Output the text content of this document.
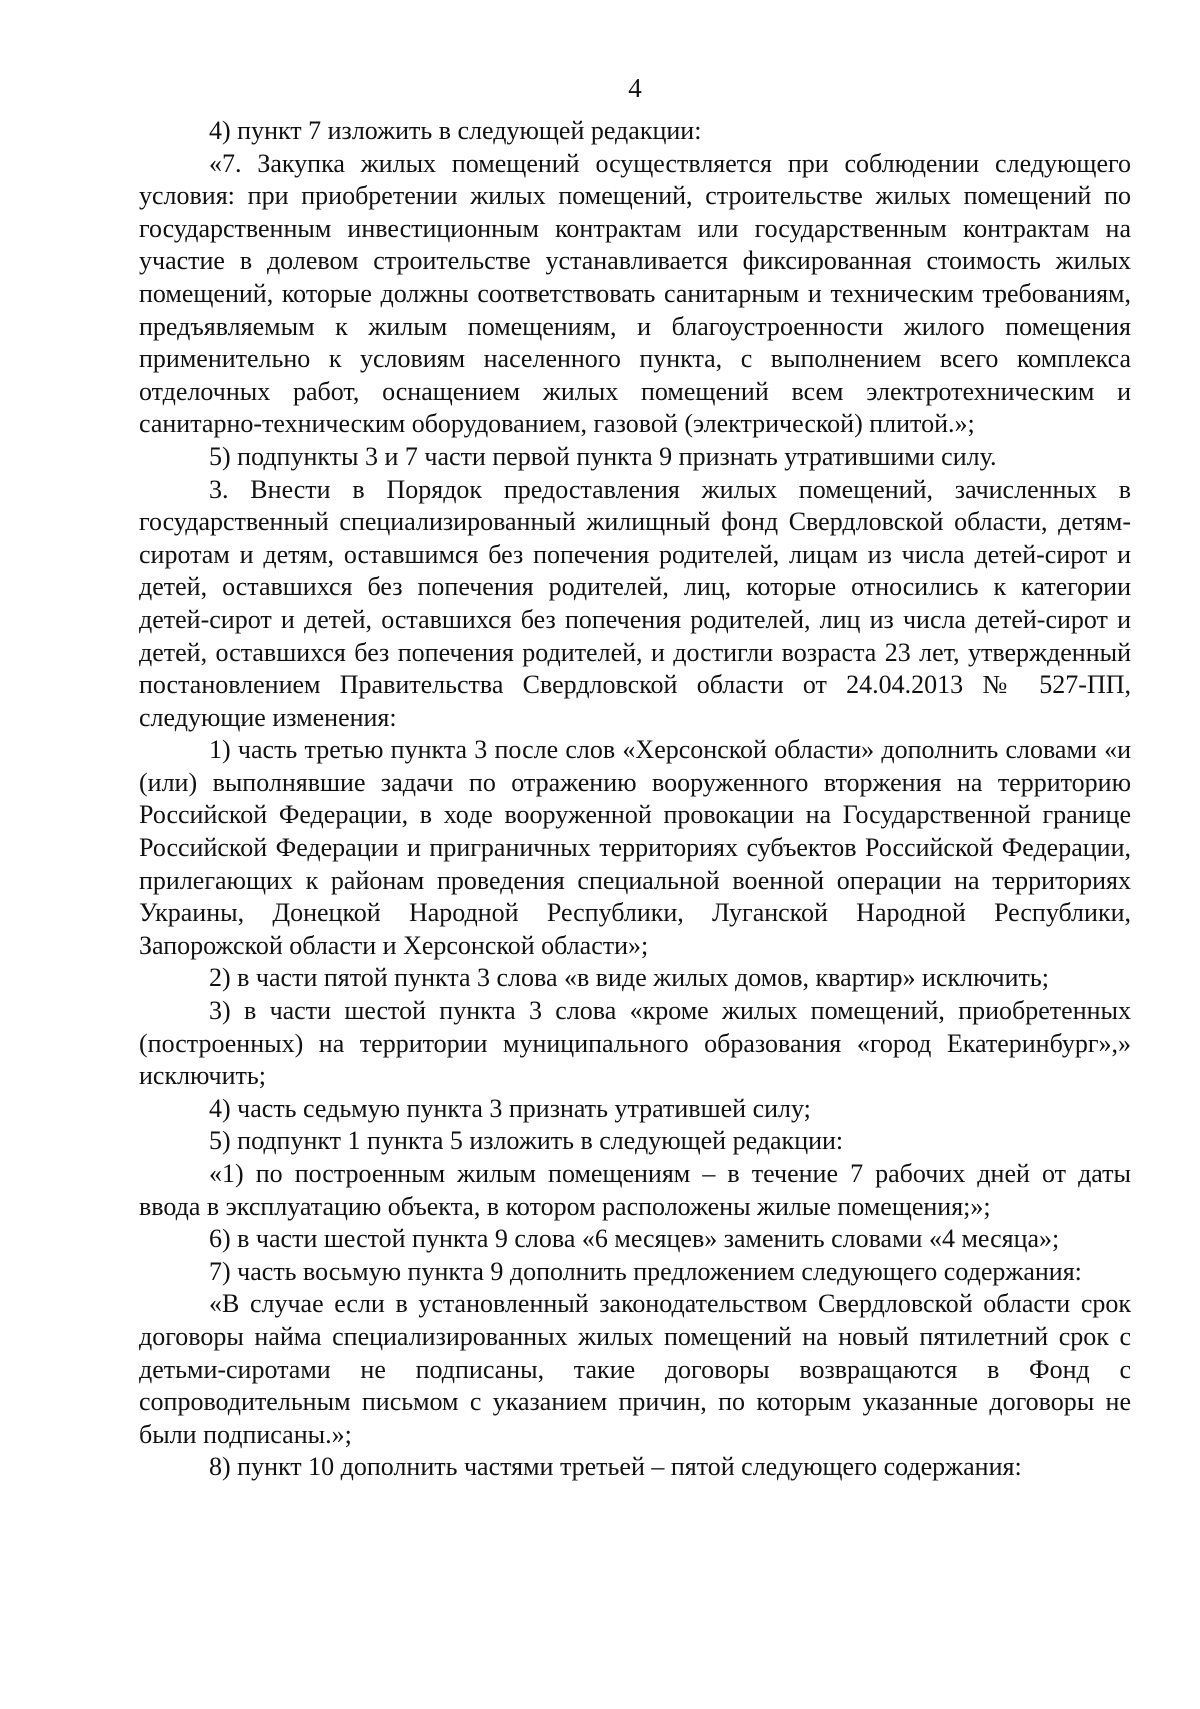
4

4) пункт 7 изложить в следующей редакции:

«7. Закупка жилых помещений осуществляется при соблюдении следующего условия: при приобретении жилых помещений, строительстве жилых помещений по государственным инвестиционным контрактам или государственным контрактам на участие в долевом строительстве устанавливается фиксированная стоимость жилых помещений, которые должны соответствовать санитарным и техническим требованиям, предъявляемым к жилым помещениям, и благоустроенности жилого помещения применительно к условиям населенного пункта, с выполнением всего комплекса отделочных работ, оснащением жилых помещений всем электротехническим и санитарно-техническим оборудованием, газовой (электрической) плитой.»;

5) подпункты 3 и 7 части первой пункта 9 признать утратившими силу.

3. Внести в Порядок предоставления жилых помещений, зачисленных в государственный специализированный жилищный фонд Свердловской области, детям-сиротам и детям, оставшимся без попечения родителей, лицам из числа детей-сирот и детей, оставшихся без попечения родителей, лиц, которые относились к категории детей-сирот и детей, оставшихся без попечения родителей, лиц из числа детей-сирот и детей, оставшихся без попечения родителей, и достигли возраста 23 лет, утвержденный постановлением Правительства Свердловской области от 24.04.2013 № 527-ПП, следующие изменения:

1) часть третью пункта 3 после слов «Херсонской области» дополнить словами «и (или) выполнявшие задачи по отражению вооруженного вторжения на территорию Российской Федерации, в ходе вооруженной провокации на Государственной границе Российской Федерации и приграничных территориях субъектов Российской Федерации, прилегающих к районам проведения специальной военной операции на территориях Украины, Донецкой Народной Республики, Луганской Народной Республики, Запорожской области и Херсонской области»;

2) в части пятой пункта 3 слова «в виде жилых домов, квартир» исключить;

3) в части шестой пункта 3 слова «кроме жилых помещений, приобретенных (построенных) на территории муниципального образования «город Екатеринбург»,» исключить;

4) часть седьмую пункта 3 признать утратившей силу;

5) подпункт 1 пункта 5 изложить в следующей редакции:

«1) по построенным жилым помещениям – в течение 7 рабочих дней от даты ввода в эксплуатацию объекта, в котором расположены жилые помещения;»;

6) в части шестой пункта 9 слова «6 месяцев» заменить словами «4 месяца»;

7) часть восьмую пункта 9 дополнить предложением следующего содержания:

«В случае если в установленный законодательством Свердловской области срок договоры найма специализированных жилых помещений на новый пятилетний срок с детьми-сиротами не подписаны, такие договоры возвращаются в Фонд с сопроводительным письмом с указанием причин, по которым указанные договоры не были подписаны.»;

8) пункт 10 дополнить частями третьей – пятой следующего содержания:
